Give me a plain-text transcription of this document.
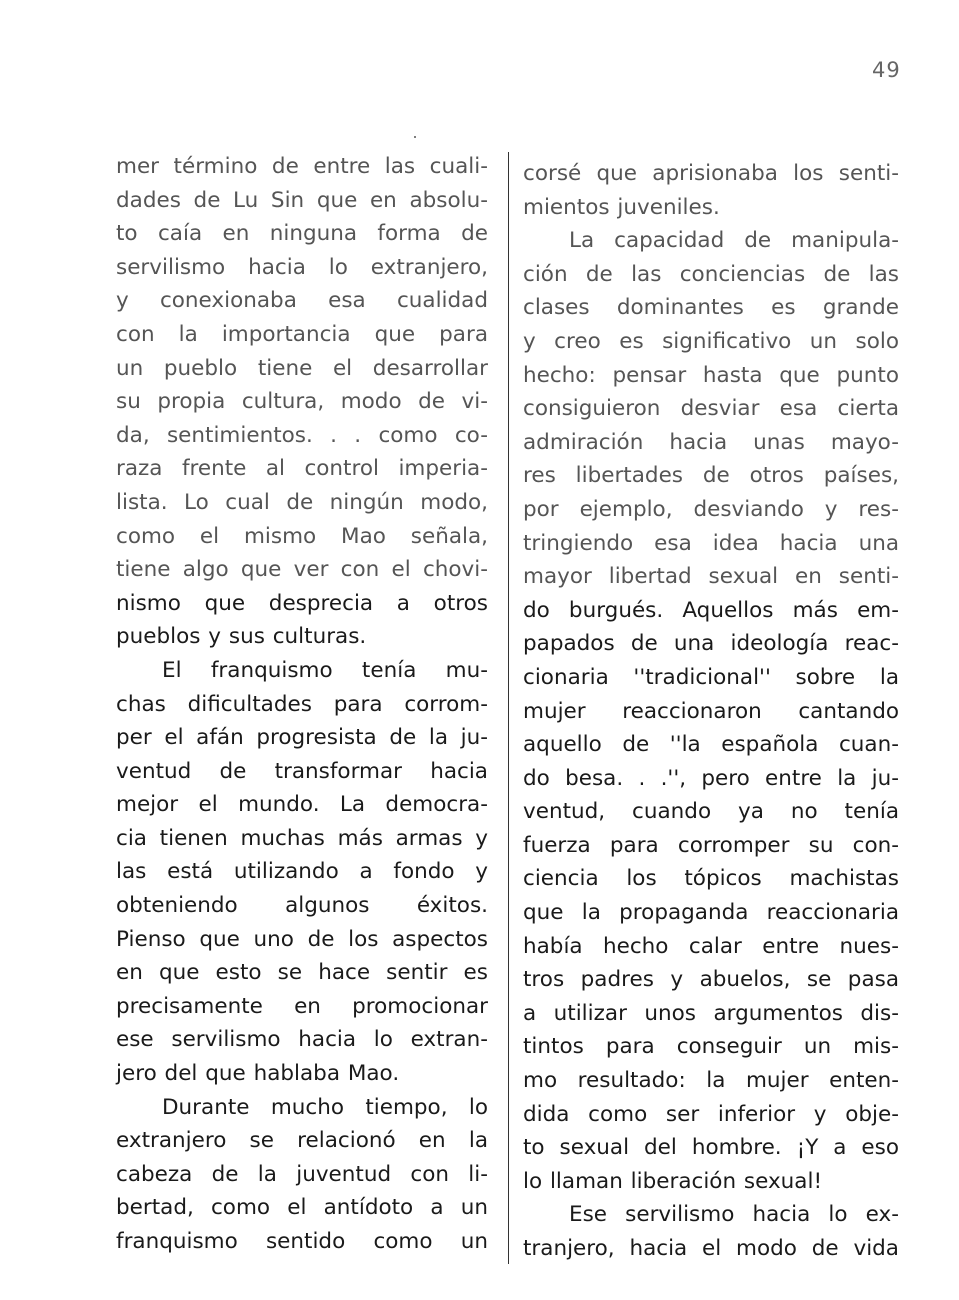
49
mer término de entre las cuali-
dades de Lu Sin que en absolu-
to caía en ninguna forma de
servilismo hacia lo extranjero,
y conexionaba esa cualidad
con la importancia que para
un pueblo tiene el desarrollar
su propia cultura, modo de vi-
da, sentimientos. . . como co-
raza frente al control imperia-
lista. Lo cual de ningún modo,
como el mismo Mao señala,
tiene algo que ver con el chovi-
nismo que desprecia a otros
pueblos y sus culturas.
El franquismo tenía mu-
chas dificultades para corrom-
per el afán progresista de la ju-
ventud de transformar hacia
mejor el mundo. La democra-
cia tienen muchas más armas y
las está utilizando a fondo y
obteniendo algunos éxitos.
Pienso que uno de los aspectos
en que esto se hace sentir es
precisamente en promocionar
ese servilismo hacia lo extran-
jero del que hablaba Mao.
Durante mucho tiempo, lo
extranjero se relacionó en la
cabeza de la juventud con li-
bertad, como el antídoto a un
franquismo sentido como un
corsé que aprisionaba los senti-
mientos juveniles.
La capacidad de manipula-
ción de las conciencias de las
clases dominantes es grande
y creo es significativo un solo
hecho: pensar hasta que punto
consiguieron desviar esa cierta
admiración hacia unas mayo-
res libertades de otros países,
por ejemplo, desviando y res-
tringiendo esa idea hacia una
mayor libertad sexual en senti-
do burgués. Aquellos más em-
papados de una ideología reac-
cionaria ''tradicional'' sobre la
mujer reaccionaron cantando
aquello de ''la española cuan-
do besa. . .'', pero entre la ju-
ventud, cuando ya no tenía
fuerza para corromper su con-
ciencia los tópicos machistas
que la propaganda reaccionaria
había hecho calar entre nues-
tros padres y abuelos, se pasa
a utilizar unos argumentos dis-
tintos para conseguir un mis-
mo resultado: la mujer enten-
dida como ser inferior y obje-
to sexual del hombre. ¡Y a eso
lo llaman liberación sexual!
Ese servilismo hacia lo ex-
tranjero, hacia el modo de vida
